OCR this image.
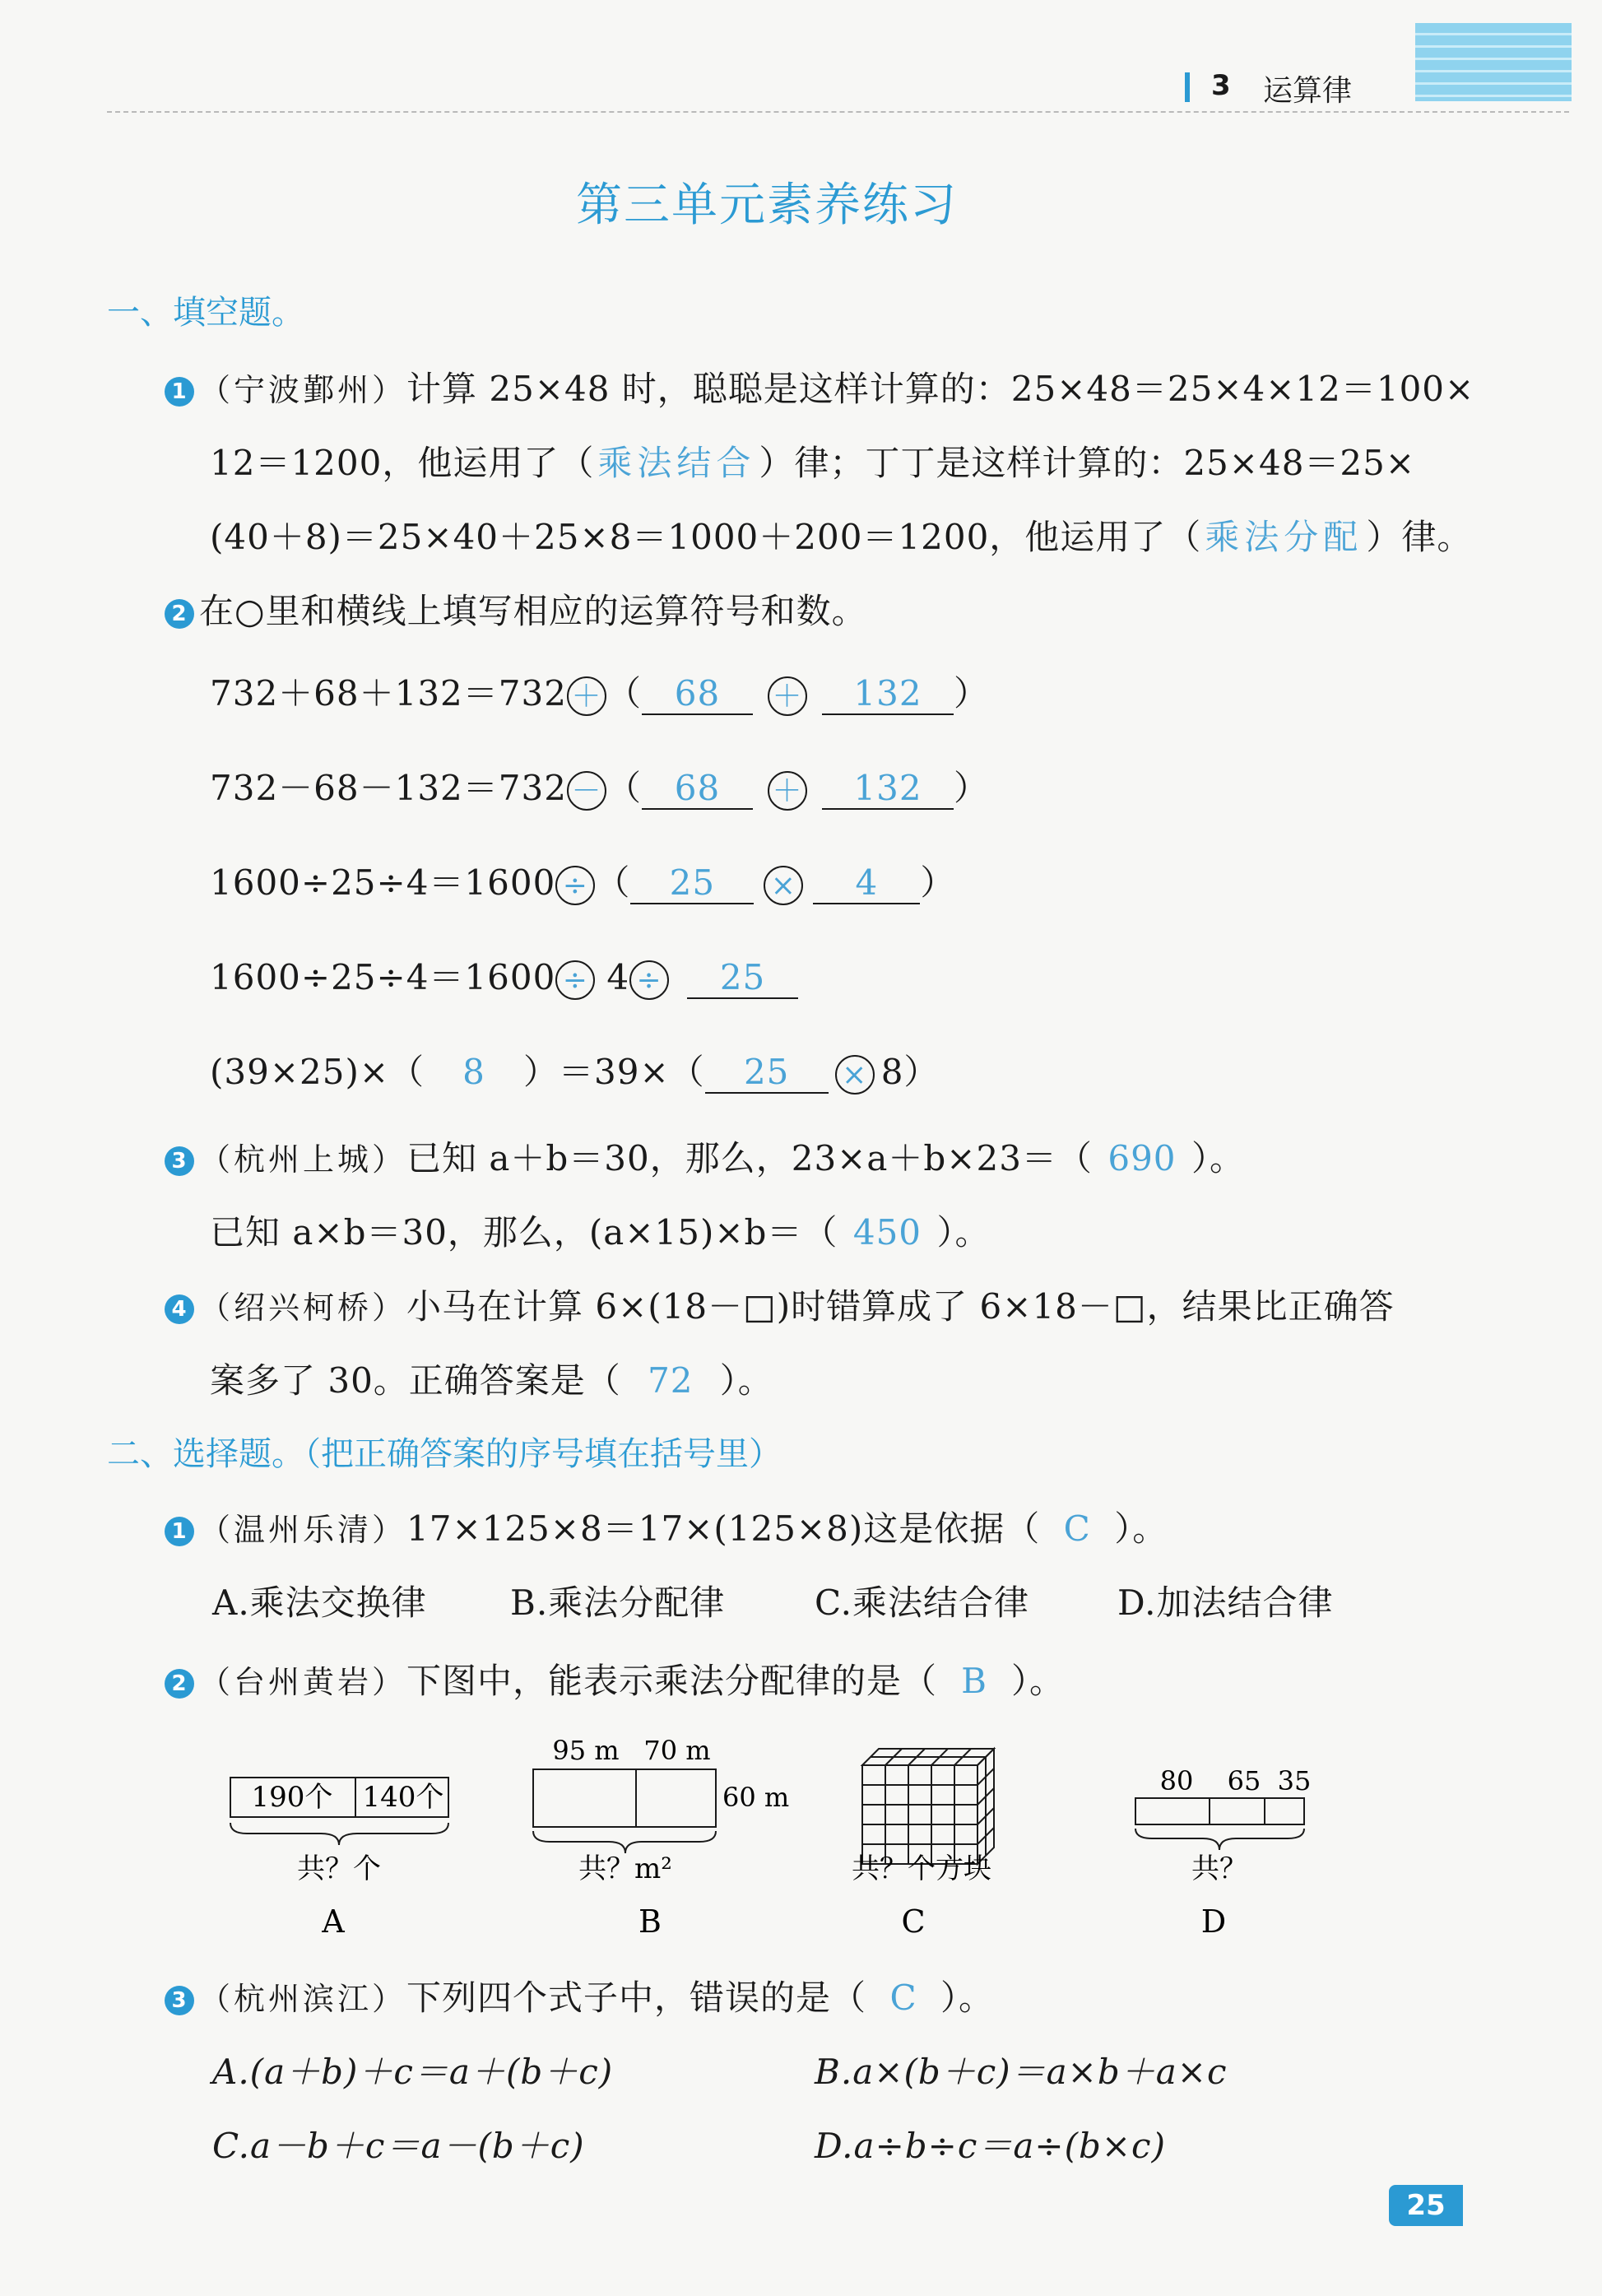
3 运算律
第三单元素养练习
一、填空题。
1 （宁波鄞州）计算 25×48 时，聪聪是这样计算的：25×48＝25×4×12＝100×
12＝1200，他运用了（乘法结合）律；丁丁是这样计算的：25×48＝25×
(40＋8)＝25×40＋25×8＝1000＋200＝1200，他运用了（乘法分配）律。
2 在○里和横线上填写相应的运算符号和数。
732＋68＋132＝732 ＋ （ 68 ＋ 132 ）
732－68－132＝732 － （ 68 ＋ 132 ）
1600÷25÷4＝1600 ÷ （ 25 × 4 ）
1600÷25÷4＝1600 ÷ 4 ÷ 25
(39×25)×（ 8 ）＝39×（ 25 × 8）
3 （杭州上城）已知 a＋b＝30，那么，23×a＋b×23＝（ 690 ）。
已知 a×b＝30，那么，(a×15)×b＝（ 450 ）。
4 （绍兴柯桥）小马在计算 6×(18－□)时错算成了 6×18－□，结果比正确答
案多了 30。正确答案是（ 72 ）。
二、选择题。（把正确答案的序号填在括号里）
1 （温州乐清）17×125×8＝17×(125×8)这是依据（ C ）。
A.乘法交换律 B.乘法分配律	C.乘法结合律	D.加法结合律
2 （台州黄岩）下图中，能表示乘法分配律的是（ B ）。
190个 140个
共？个
A
95 m 70 m
60 m
共？m²
B
共？个方块
C
80 65 35
共？
D
3 （杭州滨江）下列四个式子中，错误的是（ C ）。
A.(a＋b)＋c＝a＋(b＋c)	B.a×(b＋c)＝a×b＋a×c
C.a－b＋c＝a－(b＋c)	D.a÷b÷c＝a÷(b×c)
25
